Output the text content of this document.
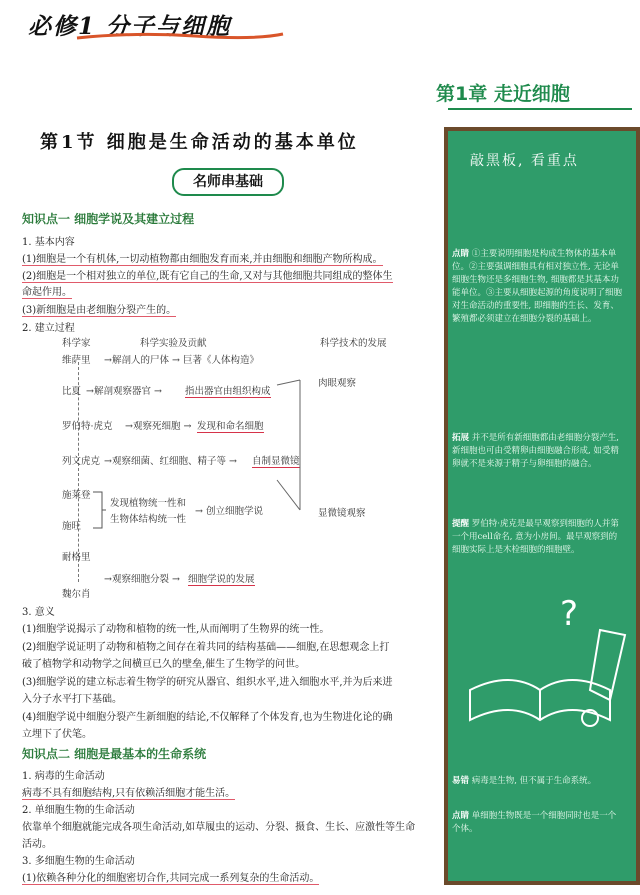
必修1 分子与细胞
第1章 走近细胞
第1节 细胞是生命活动的基本单位
名师串基础
知识点一 细胞学说及其建立过程
1. 基本内容
(1)细胞是一个有机体,一切动植物都由细胞发育而来,并由细胞和细胞产物所构成。
(2)细胞是一个相对独立的单位,既有它自己的生命,又对与其他细胞共同组成的整体生
命起作用。
(3)新细胞是由老细胞分裂产生的。
2. 建立过程
科学家	科学实验及贡献	科学技术的发展
维萨里 →解剖人的尸体 → 巨著《人体构造》
比夏 →解剖观察器官 → 指出器官由组织构成
罗伯特·虎克 →观察死细胞 → 发现和命名细胞
列文虎克 →观察细菌、红细胞、精子等 → 自制显微镜
施莱登
施旺
发现植物统一性和
生物体结构统一性
→ 创立细胞学说
耐格里
魏尔肖
→观察细胞分裂 → 细胞学说的发展
肉眼观察
显微镜观察
3. 意义
(1)细胞学说揭示了动物和植物的统一性,从而阐明了生物界的统一性。
(2)细胞学说证明了动物和植物之间存在着共同的结构基础——细胞,在思想观念上打
破了植物学和动物学之间横亘已久的壁垒,催生了生物学的问世。
(3)细胞学说的建立标志着生物学的研究从器官、组织水平,进入细胞水平,并为后来进
入分子水平打下基础。
(4)细胞学说中细胞分裂产生新细胞的结论,不仅解释了个体发育,也为生物进化论的确
立埋下了伏笔。
知识点二 细胞是最基本的生命系统
1. 病毒的生命活动
病毒不具有细胞结构,只有依赖活细胞才能生活。
2. 单细胞生物的生命活动
依靠单个细胞就能完成各项生命活动,如草履虫的运动、分裂、摄食、生长、应激性等生命
活动。
3. 多细胞生物的生命活动
(1)依赖各种分化的细胞密切合作,共同完成一系列复杂的生命活动。
敲黑板, 看重点
点睛 ①主要说明细胞是构成生物体的基本单位。②主要强调细胞具有相对独立性, 无论单细胞生物还是多细胞生物, 细胞都是其基本功能单位。③主要从细胞起源的角度说明了细胞对生命活动的重要性, 即细胞的生长、发育、繁殖都必须建立在细胞分裂的基础上。
拓展 并不是所有新细胞都由老细胞分裂产生, 新细胞也可由受精卵由细胞融合形成, 如受精卵就不是来源于精子与卵细胞的融合。
提醒 罗伯特·虎克是最早观察到细胞的人并第一个用cell命名, 意为小房间。最早观察到的细胞实际上是木栓细胞的细胞壁。
?
易错 病毒是生物, 但不属于生命系统。
点睛 单细胞生物既是一个细胞同时也是一个个体。
